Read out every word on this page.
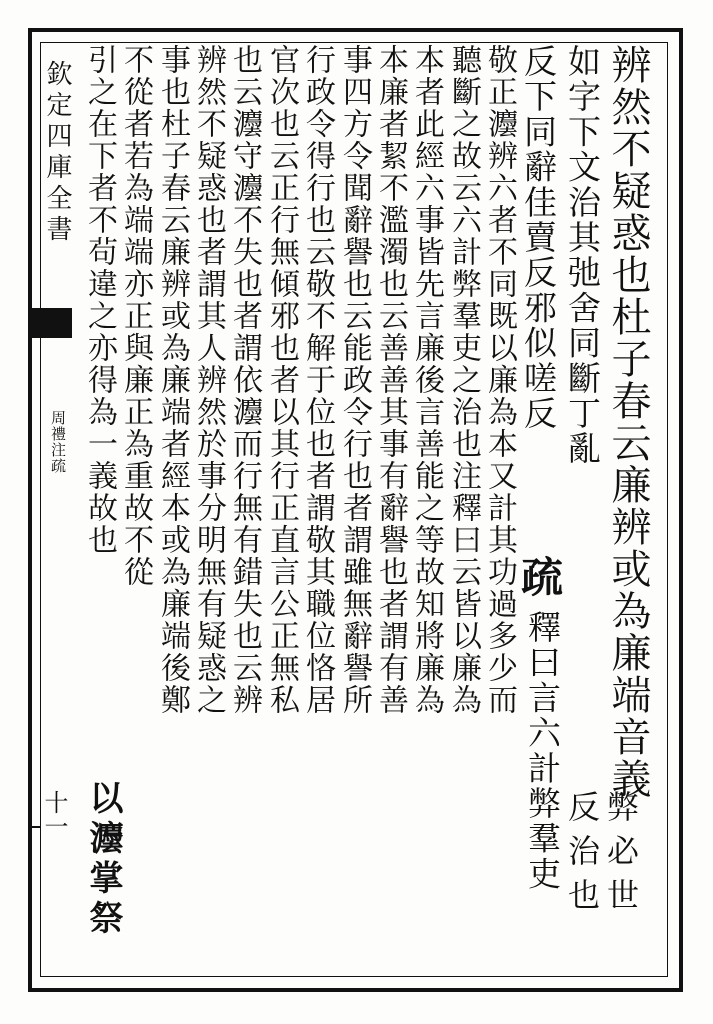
欽定四庫全書
周禮注疏
十一
辨然不疑惑也杜子春云廉辨或為廉端音義
弊必世
如字下文治其弛舍同斷丁亂
反治也
反下同辭佳賣反邪似嗟反
疏
釋曰言六計弊羣吏
敬正灋辨六者不同既以廉為本又計其功過多少而
聽斷之故云六計弊羣吏之治也注釋曰云皆以廉為
本者此經六事皆先言廉後言善能之等故知將廉為
本廉者絜不濫濁也云善善其事有辭譽也者謂有善
事四方令聞辭譽也云能政令行也者謂雖無辭譽所
行政令得行也云敬不解于位也者謂敬其職位恪居
官次也云正行無傾邪也者以其行正直言公正無私
也云灋守灋不失也者謂依灋而行無有錯失也云辨
辨然不疑惑也者謂其人辨然於事分明無有疑惑之
事也杜子春云廉辨或為廉端者經本或為廉端後鄭
不從者若為端端亦正與廉正為重故不從
引之在下者不茍違之亦得為一義故也
以灋掌祭
